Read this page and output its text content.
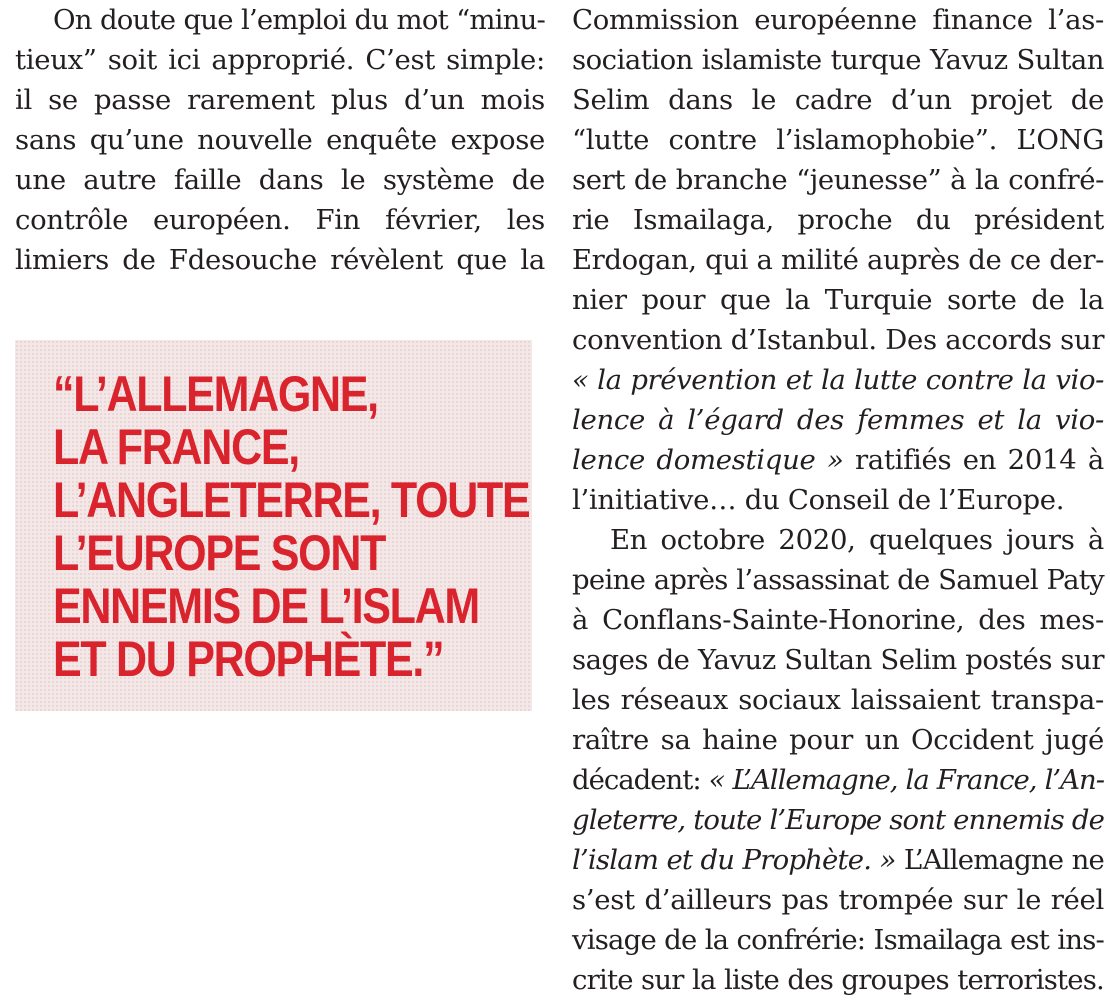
On doute que l’emploi du mot “minu-
tieux” soit ici approprié. C’est simple:
il se passe rarement plus d’un mois
sans qu’une nouvelle enquête expose
une autre faille dans le système de
contrôle européen. Fin février, les
limiers de Fdesouche révèlent que la
“L’ALLEMAGNE,
LA FRANCE,
L’ANGLETERRE, TOUTE
L’EUROPE SONT
ENNEMIS DE L’ISLAM
ET DU PROPHÈTE.”
Commission européenne finance l’as-
sociation islamiste turque Yavuz Sultan
Selim dans le cadre d’un projet de
“lutte contre l’islamophobie”. L’ONG
sert de branche “jeunesse” à la confré-
rie Ismailaga, proche du président
Erdogan, qui a milité auprès de ce der-
nier pour que la Turquie sorte de la
convention d’Istanbul. Des accords sur
« la prévention et la lutte contre la vio-
lence à l’égard des femmes et la vio-
lence domestique » ratifiés en 2014 à
l’initiative… du Conseil de l’Europe.
En octobre 2020, quelques jours à
peine après l’assassinat de Samuel Paty
à Conflans-Sainte-Honorine, des mes-
sages de Yavuz Sultan Selim postés sur
les réseaux sociaux laissaient transpa-
raître sa haine pour un Occident jugé
décadent: « L’Allemagne, la France, l’An-
gleterre, toute l’Europe sont ennemis de
l’islam et du Prophète. » L’Allemagne ne
s’est d’ailleurs pas trompée sur le réel
visage de la confrérie: Ismailaga est ins-
crite sur la liste des groupes terroristes.
